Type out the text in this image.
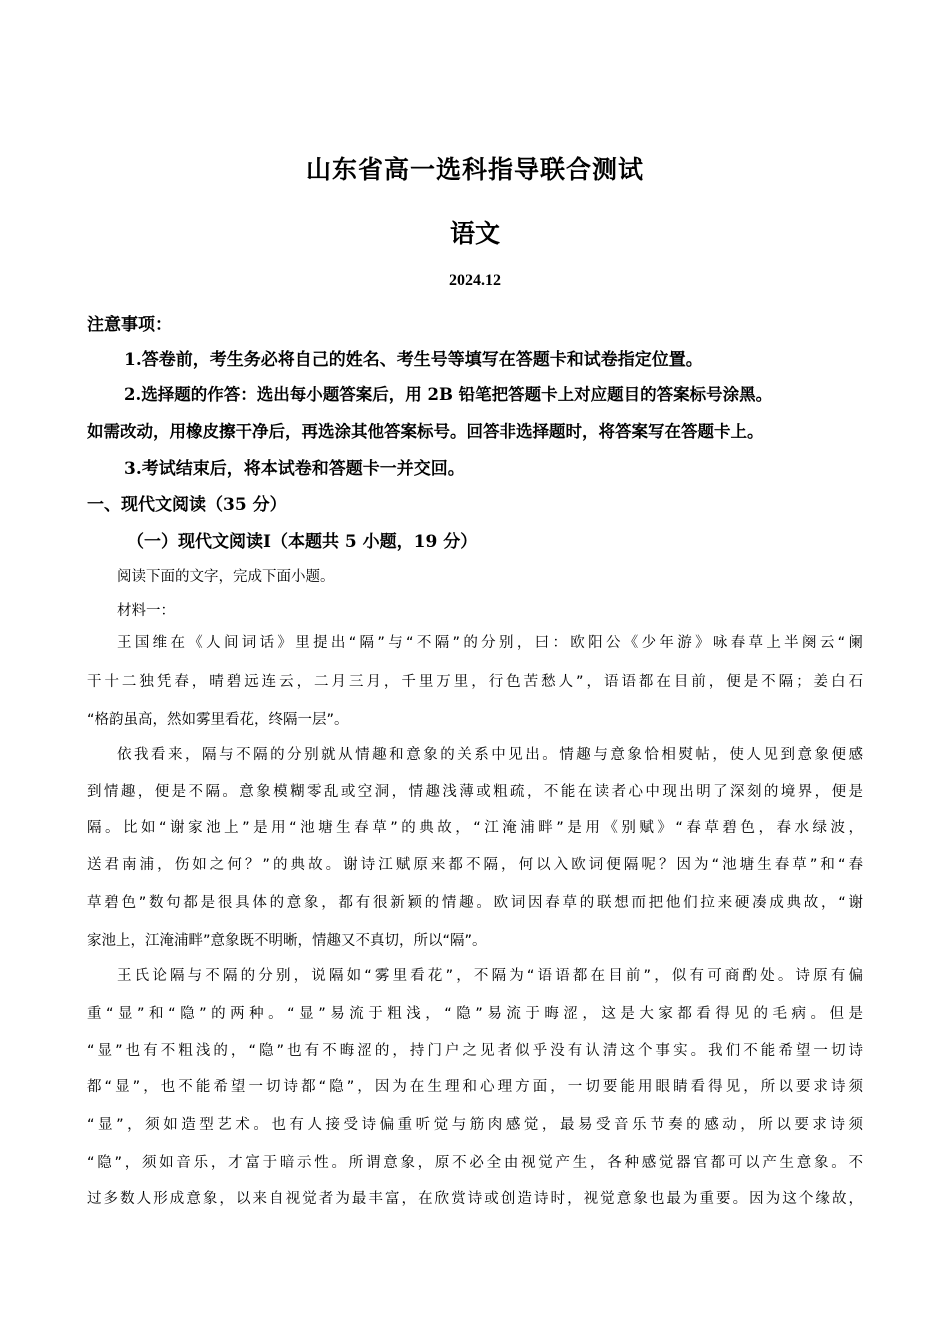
山东省高一选科指导联合测试
语文
2024.12
注意事项：
1.答卷前，考生务必将自己的姓名、考生号等填写在答题卡和试卷指定位置。
2.选择题的作答：选出每小题答案后，用 2B 铅笔把答题卡上对应题目的答案标号涂黑。
如需改动，用橡皮擦干净后，再选涂其他答案标号。回答非选择题时，将答案写在答题卡上。
3.考试结束后，将本试卷和答题卡一并交回。
一、现代文阅读（35 分）
（一）现代文阅读Ⅰ（本题共 5 小题，19 分）
阅读下面的文字，完成下面小题。
材料一：
王国维在《人间词话》里提出“隔”与“不隔”的分别，曰：欧阳公《少年游》咏春草上半阕云“阑
干十二独凭春，晴碧远连云，二月三月，千里万里，行色苦愁人”，语语都在目前，便是不隔；姜白石
“格韵虽高，然如雾里看花，终隔一层”。
依我看来，隔与不隔的分别就从情趣和意象的关系中见出。情趣与意象恰相熨帖，使人见到意象便感
到情趣，便是不隔。意象模糊零乱或空洞，情趣浅薄或粗疏，不能在读者心中现出明了深刻的境界，便是
隔。比如“谢家池上”是用“池塘生春草”的典故，“江淹浦畔”是用《别赋》“春草碧色，春水绿波，
送君南浦，伤如之何？”的典故。谢诗江赋原来都不隔，何以入欧词便隔呢？因为“池塘生春草”和“春
草碧色”数句都是很具体的意象，都有很新颖的情趣。欧词因春草的联想而把他们拉来硬凑成典故，“谢
家池上，江淹浦畔”意象既不明晰，情趣又不真切，所以“隔”。
王氏论隔与不隔的分别，说隔如“雾里看花”，不隔为“语语都在目前”，似有可商酌处。诗原有偏
重“显”和“隐”的两种。“显”易流于粗浅，“隐”易流于晦涩，这是大家都看得见的毛病。但是
“显”也有不粗浅的，“隐”也有不晦涩的，持门户之见者似乎没有认清这个事实。我们不能希望一切诗
都“显”，也不能希望一切诗都“隐”，因为在生理和心理方面，一切要能用眼睛看得见，所以要求诗须
“显”，须如造型艺术。也有人接受诗偏重听觉与筋肉感觉，最易受音乐节奏的感动，所以要求诗须
“隐”，须如音乐，才富于暗示性。所谓意象，原不必全由视觉产生，各种感觉器官都可以产生意象。不
过多数人形成意象，以来自视觉者为最丰富，在欣赏诗或创造诗时，视觉意象也最为重要。因为这个缘故，
